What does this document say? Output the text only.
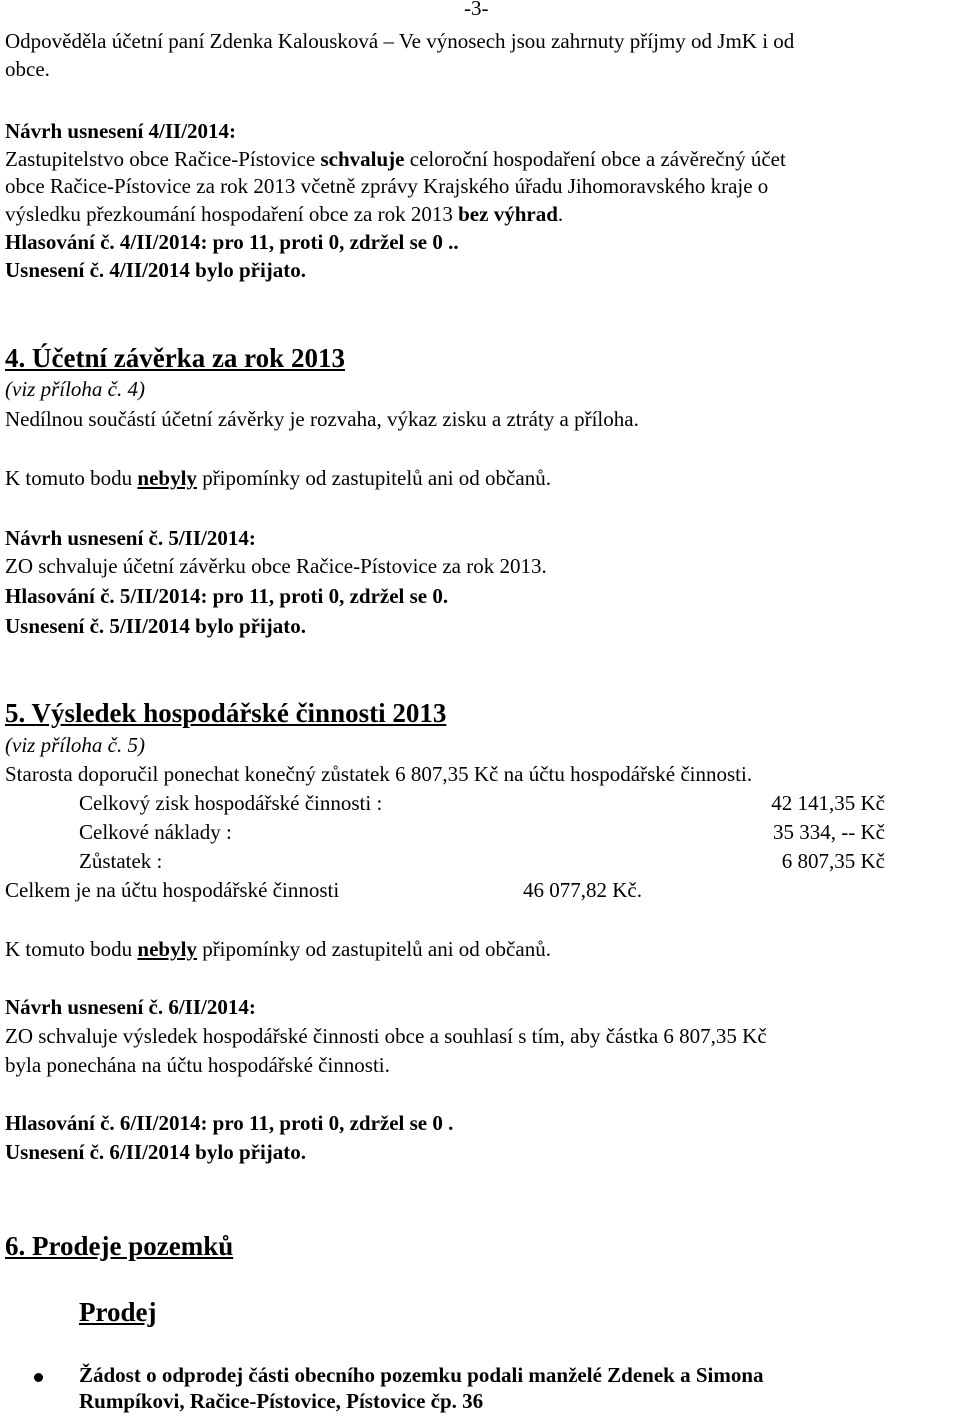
-3-
Odpověděla účetní paní Zdenka Kalousková – Ve výnosech jsou zahrnuty příjmy od JmK i od
obce.
Návrh usnesení 4/II/2014:
Zastupitelstvo obce Račice-Pístovice schvaluje celoroční hospodaření obce a závěrečný účet
obce Račice-Pístovice za rok 2013 včetně zprávy Krajského úřadu Jihomoravského kraje o
výsledku přezkoumání hospodaření obce za rok 2013 bez výhrad.
Hlasování č. 4/II/2014: pro 11, proti 0, zdržel se 0 ..
Usnesení č. 4/II/2014 bylo přijato.
4. Účetní závěrka za rok 2013
(viz příloha č. 4)
Nedílnou součástí účetní závěrky je rozvaha, výkaz zisku a ztráty a příloha.
K tomuto bodu nebyly připomínky od zastupitelů ani od občanů.
Návrh usnesení č. 5/II/2014:
ZO schvaluje účetní závěrku obce Račice-Pístovice za rok 2013.
Hlasování č. 5/II/2014: pro 11, proti 0, zdržel se 0.
Usnesení č. 5/II/2014 bylo přijato.
5. Výsledek hospodářské činnosti 2013
(viz příloha č. 5)
Starosta doporučil ponechat konečný zůstatek 6 807,35 Kč na účtu hospodářské činnosti.
Celkový zisk hospodářské činnosti :	42 141,35 Kč
Celkové náklady :	35 334, -- Kč
Zůstatek :	6 807,35 Kč
Celkem je na účtu hospodářské činnosti	46 077,82 Kč.
K tomuto bodu nebyly připomínky od zastupitelů ani od občanů.
Návrh usnesení č. 6/II/2014:
ZO schvaluje výsledek hospodářské činnosti obce a souhlasí s tím, aby částka 6 807,35 Kč
byla ponechána na účtu hospodářské činnosti.
Hlasování č. 6/II/2014: pro 11, proti 0, zdržel se 0 .
Usnesení č. 6/II/2014 bylo přijato.
6. Prodeje pozemků
Prodej
Žádost o odprodej části obecního pozemku podali manželé Zdenek a Simona
Rumpíkovi, Račice-Pístovice, Pístovice čp. 36
